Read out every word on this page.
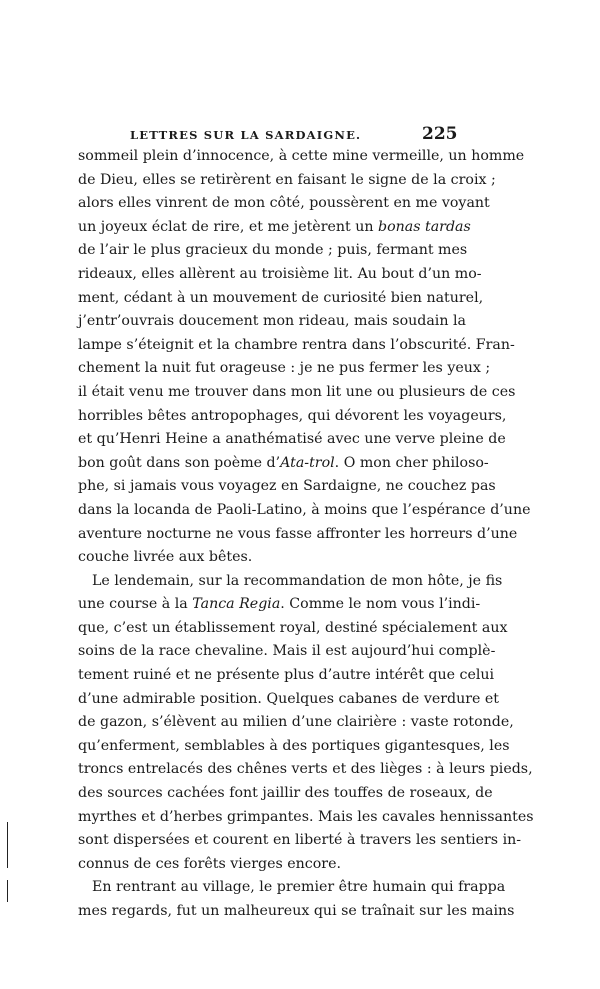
LETTRES SUR LA SARDAIGNE.	225
sommeil plein d’innocence, à cette mine vermeille, un homme
de Dieu, elles se retirèrent en faisant le signe de la croix ;
alors elles vinrent de mon côté, poussèrent en me voyant
un joyeux éclat de rire, et me jetèrent un bonas tardas
de l’air le plus gracieux du monde ; puis, fermant mes
rideaux, elles allèrent au troisième lit. Au bout d’un mo-
ment, cédant à un mouvement de curiosité bien naturel,
j’entr’ouvrais doucement mon rideau, mais soudain la
lampe s’éteignit et la chambre rentra dans l’obscurité. Fran-
chement la nuit fut orageuse : je ne pus fermer les yeux ;
il était venu me trouver dans mon lit une ou plusieurs de ces
horribles bêtes antropophages, qui dévorent les voyageurs,
et qu’Henri Heine a anathématisé avec une verve pleine de
bon goût dans son poème d’Ata-trol. O mon cher philoso-
phe, si jamais vous voyagez en Sardaigne, ne couchez pas
dans la locanda de Paoli-Latino, à moins que l’espérance d’une
aventure nocturne ne vous fasse affronter les horreurs d’une
couche livrée aux bêtes.
Le lendemain, sur la recommandation de mon hôte, je fis
une course à la Tanca Regia. Comme le nom vous l’indi-
que, c’est un établissement royal, destiné spécialement aux
soins de la race chevaline. Mais il est aujourd’hui complè-
tement ruiné et ne présente plus d’autre intérêt que celui
d’une admirable position. Quelques cabanes de verdure et
de gazon, s’élèvent au milien d’une clairière : vaste rotonde,
qu’enferment, semblables à des portiques gigantesques, les
troncs entrelacés des chênes verts et des lièges : à leurs pieds,
des sources cachées font jaillir des touffes de roseaux, de
myrthes et d’herbes grimpantes. Mais les cavales hennissantes
sont dispersées et courent en liberté à travers les sentiers in-
connus de ces forêts vierges encore.
En rentrant au village, le premier être humain qui frappa
mes regards, fut un malheureux qui se traînait sur les mains
